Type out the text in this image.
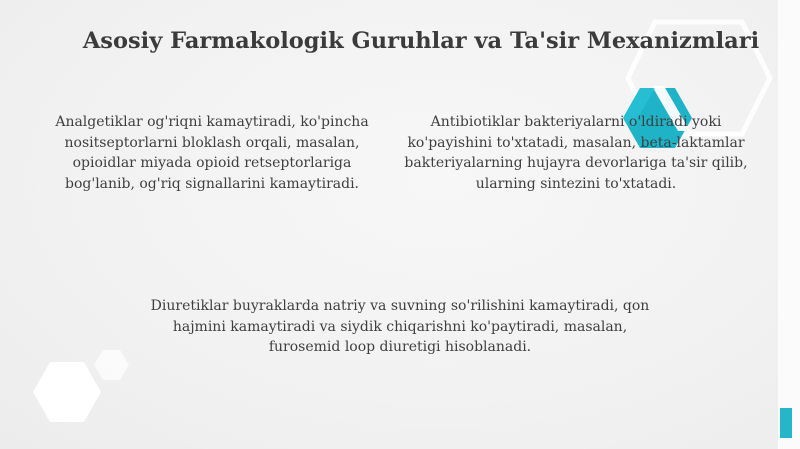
Asosiy Farmakologik Guruhlar va Ta'sir Mexanizmlari
Analgetiklar og'riqni kamaytiradi, ko'pincha
nositseptorlarni bloklash orqali, masalan,
opioidlar miyada opioid retseptorlariga
bog'lanib, og'riq signallarini kamaytiradi.
Antibiotiklar bakteriyalarni o'ldiradi yoki
ko'payishini to'xtatadi, masalan, beta-laktamlar
bakteriyalarning hujayra devorlariga ta'sir qilib,
ularning sintezini to'xtatadi.
Diuretiklar buyraklarda natriy va suvning so'rilishini kamaytiradi, qon
hajmini kamaytiradi va siydik chiqarishni ko'paytiradi, masalan,
furosemid loop diuretigi hisoblanadi.
